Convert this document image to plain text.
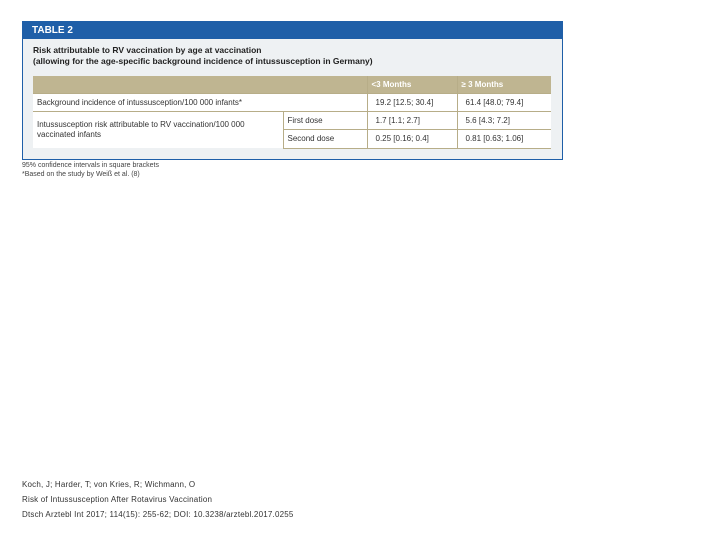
TABLE 2
Risk attributable to RV vaccination by age at vaccination
(allowing for the age-specific background incidence of intussusception in Germany)
		<3 Months	≥ 3 Months
Background incidence of intussusception/100 000 infants*		19.2 [12.5; 30.4]	61.4 [48.0; 79.4]
Intussusception risk attributable to RV vaccination/100 000 vaccinated infants	First dose	1.7 [1.1; 2.7]	5.6 [4.3; 7.2]
	Second dose	0.25 [0.16; 0.4]	0.81 [0.63; 1.06]
95% confidence intervals in square brackets
*Based on the study by Weiß et al. (8)
Koch, J; Harder, T; von Kries, R; Wichmann, O
Risk of Intussusception After Rotavirus Vaccination
Dtsch Arztebl Int 2017; 114(15): 255-62; DOI: 10.3238/arztebl.2017.0255
